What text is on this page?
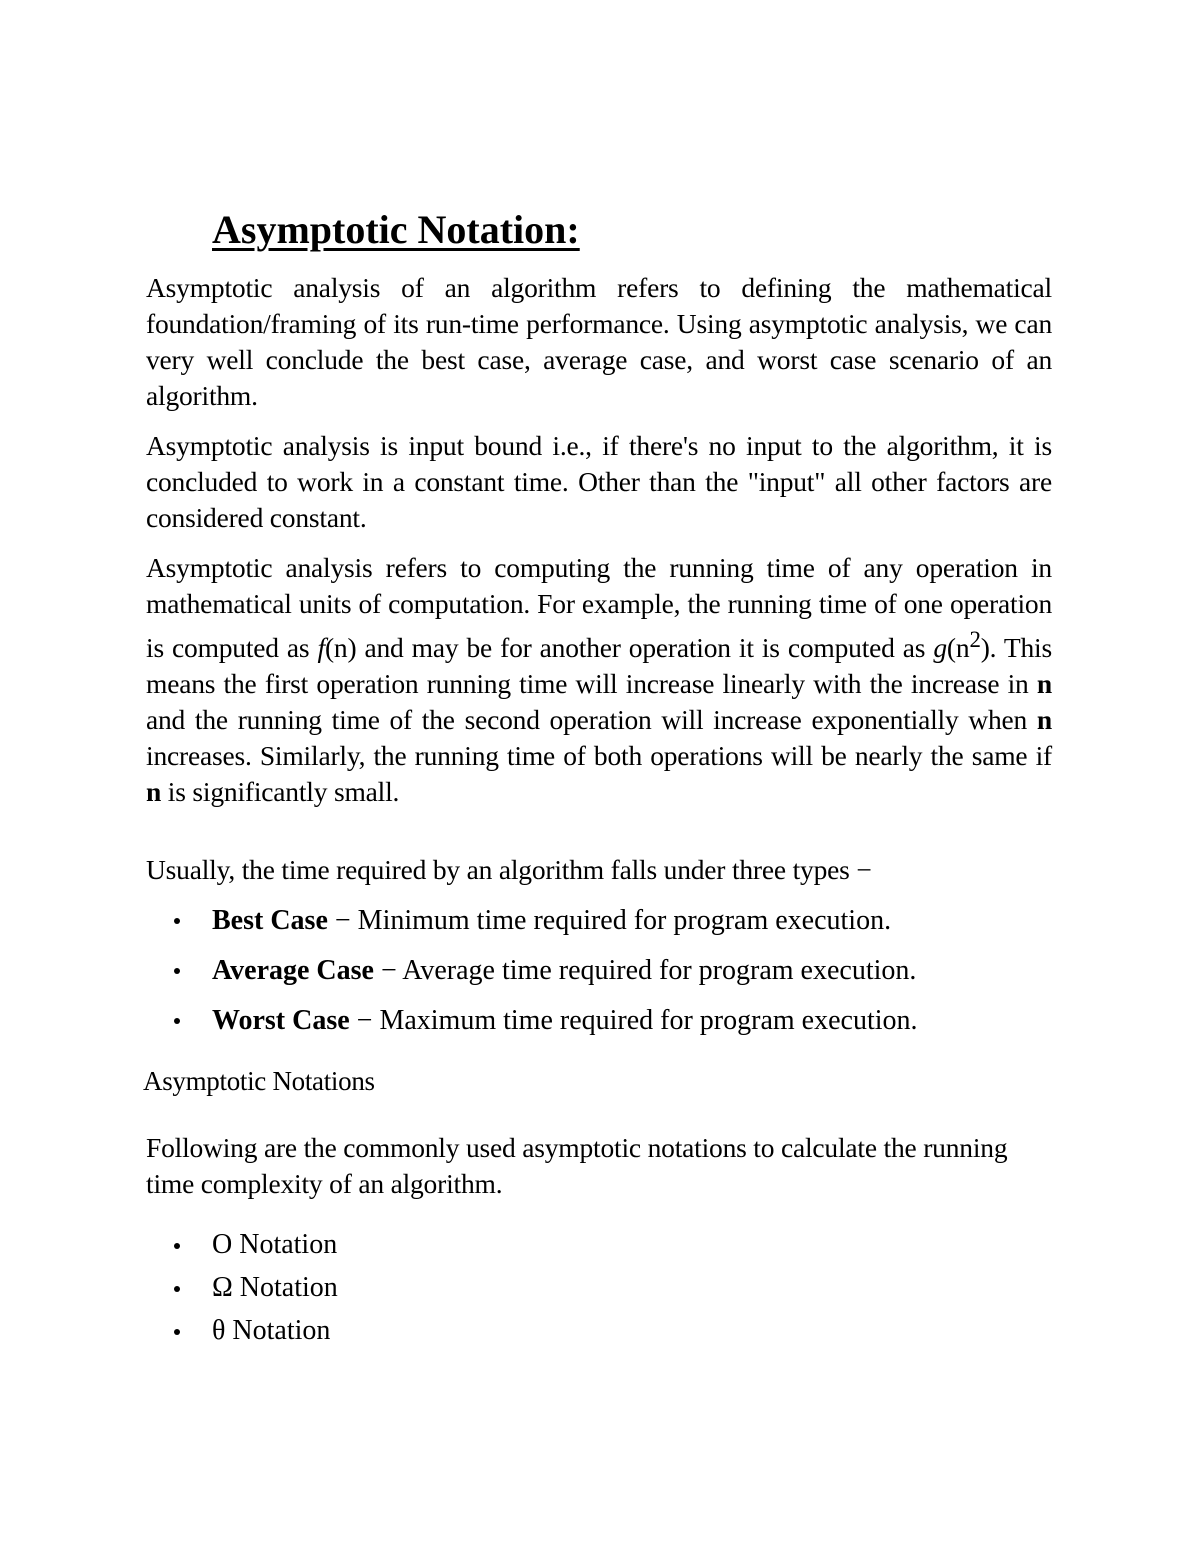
Asymptotic Notation:

Asymptotic analysis of an algorithm refers to defining the mathematical foundation/framing of its run-time performance. Using asymptotic analysis, we can very well conclude the best case, average case, and worst case scenario of an algorithm.

Asymptotic analysis is input bound i.e., if there's no input to the algorithm, it is concluded to work in a constant time. Other than the "input" all other factors are considered constant.

Asymptotic analysis refers to computing the running time of any operation in mathematical units of computation. For example, the running time of one operation is computed as f(n) and may be for another operation it is computed as $g(n^2)$. This means the first operation running time will increase linearly with the increase in n and the running time of the second operation will increase exponentially when n increases. Similarly, the running time of both operations will be nearly the same if n is significantly small.

Usually, the time required by an algorithm falls under three types −

Best Case − Minimum time required for program execution.
Average Case − Average time required for program execution.
Worst Case − Maximum time required for program execution.
Asymptotic Notations

Following are the commonly used asymptotic notations to calculate the running time complexity of an algorithm.

O Notation
Ω Notation
θ Notation
